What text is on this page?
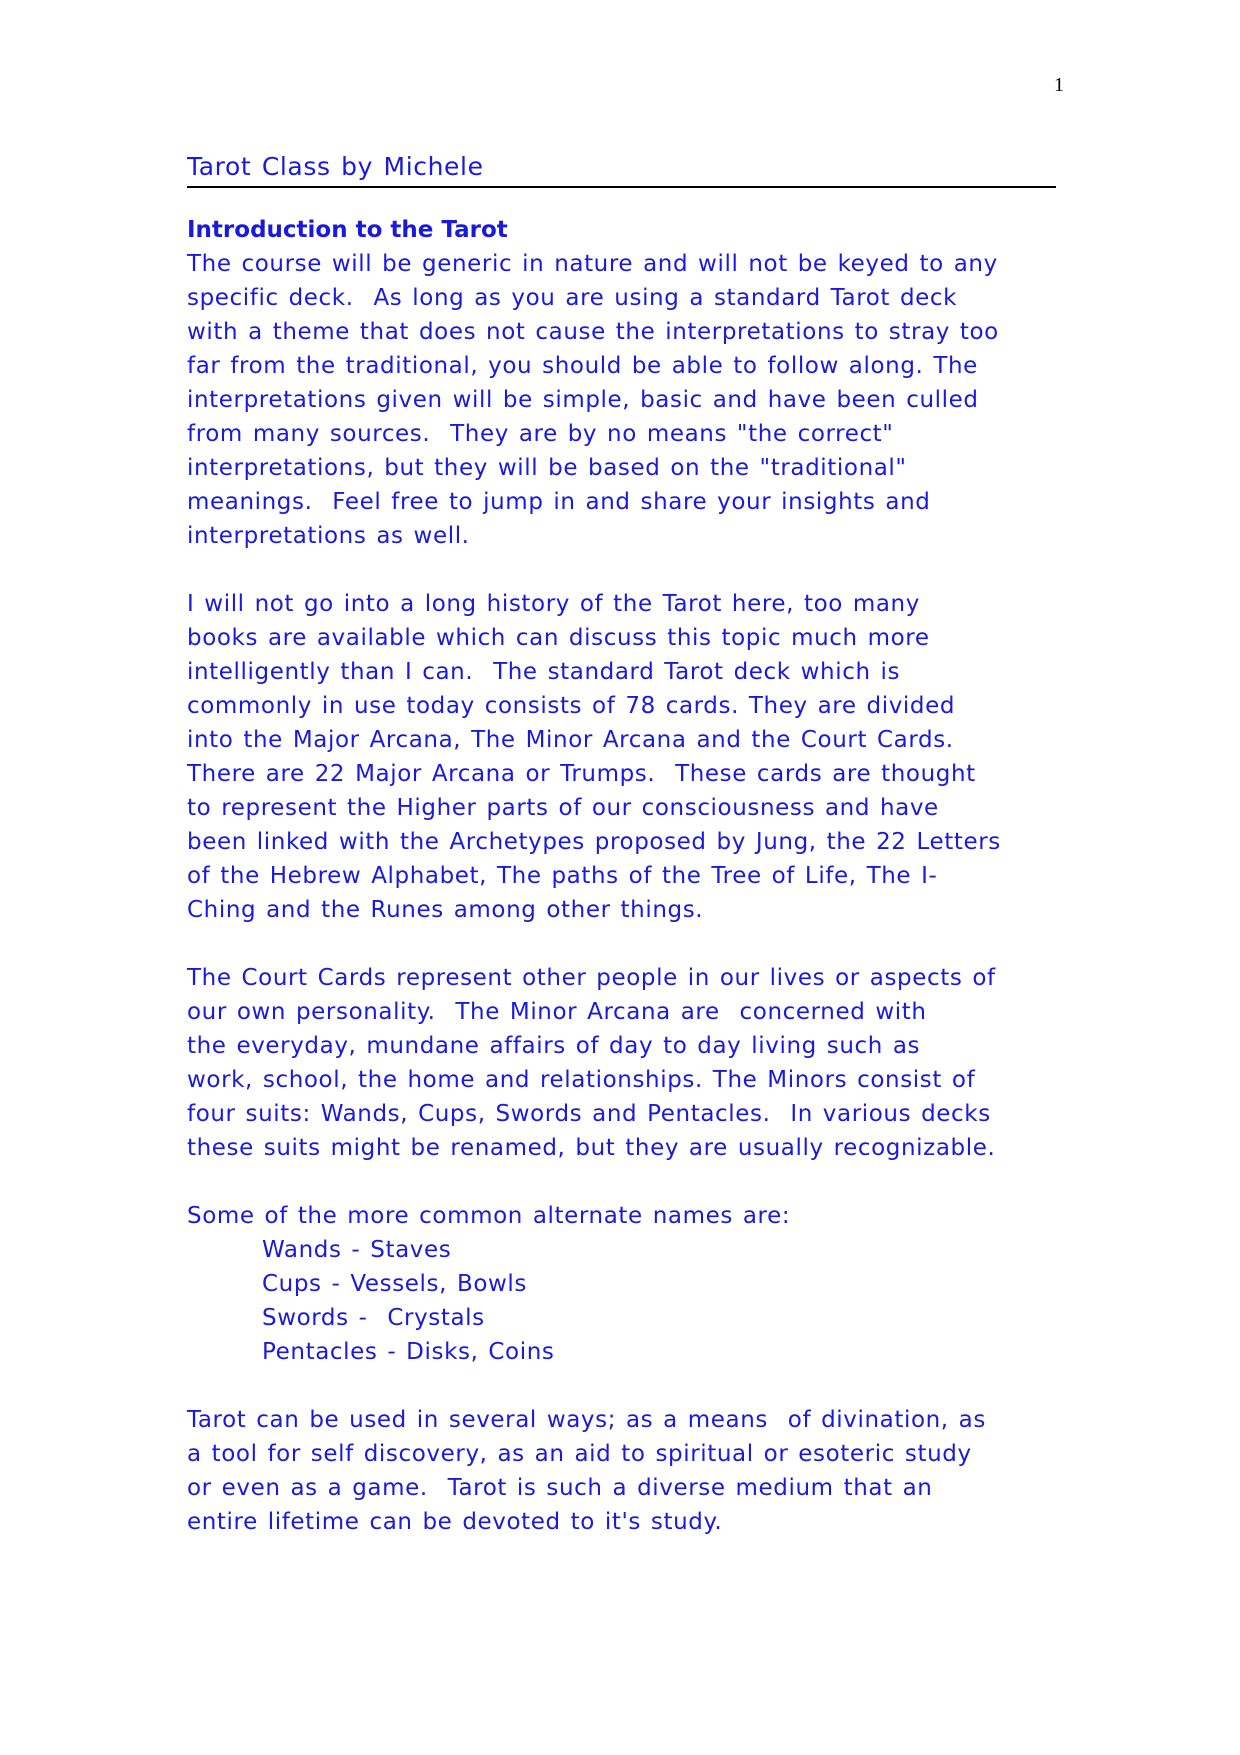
1
Tarot Class by Michele
Introduction to the Tarot

The course will be generic in nature and will not be keyed to any
specific deck.  As long as you are using a standard Tarot deck
with a theme that does not cause the interpretations to stray too
far from the traditional, you should be able to follow along. The
interpretations given will be simple, basic and have been culled
from many sources.  They are by no means "the correct"
interpretations, but they will be based on the "traditional"
meanings.  Feel free to jump in and share your insights and
interpretations as well.

I will not go into a long history of the Tarot here, too many
books are available which can discuss this topic much more
intelligently than I can.  The standard Tarot deck which is
commonly in use today consists of 78 cards. They are divided
into the Major Arcana, The Minor Arcana and the Court Cards.
There are 22 Major Arcana or Trumps.  These cards are thought
to represent the Higher parts of our consciousness and have
been linked with the Archetypes proposed by Jung, the 22 Letters
of the Hebrew Alphabet, The paths of the Tree of Life, The I-
Ching and the Runes among other things.

The Court Cards represent other people in our lives or aspects of
our own personality.  The Minor Arcana are  concerned with
the everyday, mundane affairs of day to day living such as
work, school, the home and relationships. The Minors consist of
four suits: Wands, Cups, Swords and Pentacles.  In various decks
these suits might be renamed, but they are usually recognizable.

Some of the more common alternate names are:
Wands - Staves
Cups - Vessels, Bowls
Swords -  Crystals
Pentacles - Disks, Coins

Tarot can be used in several ways; as a means  of divination, as
a tool for self discovery, as an aid to spiritual or esoteric study
or even as a game.  Tarot is such a diverse medium that an
entire lifetime can be devoted to it's study.
